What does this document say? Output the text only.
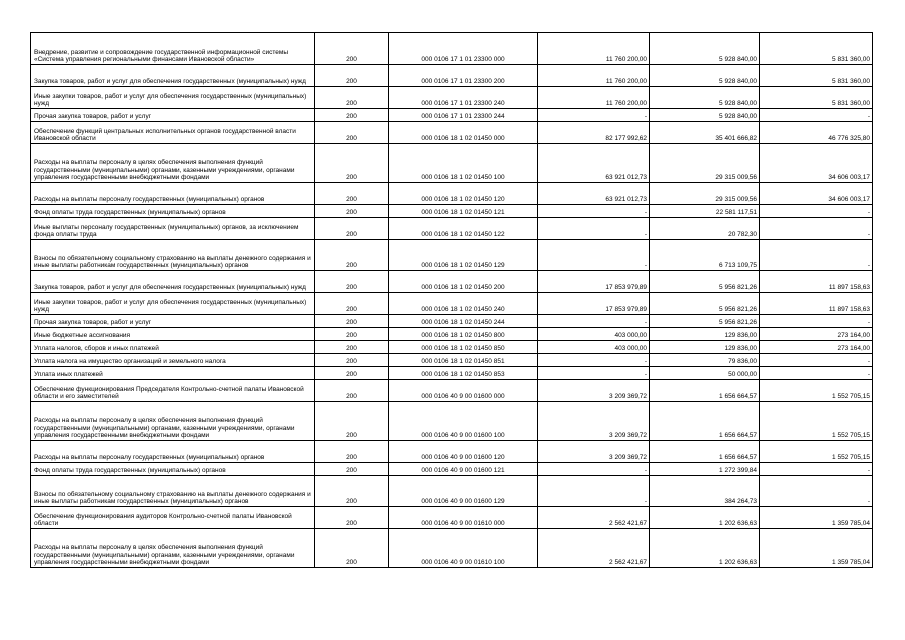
Внедрение, развитие и сопровождение государственной информационной системы «Система управления региональными финансами Ивановской области»	200	000 0106 17 1 01 23300 000	11 760 200,00	5 928 840,00	5 831 360,00
Закупка товаров, работ и услуг для обеспечения государственных (муниципальных) нужд	200	000 0106 17 1 01 23300 200	11 760 200,00	5 928 840,00	5 831 360,00
Иные закупки товаров, работ и услуг для обеспечения государственных (муниципальных) нужд	200	000 0106 17 1 01 23300 240	11 760 200,00	5 928 840,00	5 831 360,00
Прочая закупка товаров, работ и услуг	200	000 0106 17 1 01 23300 244	-	5 928 840,00	-
Обеспечение функций центральных исполнительных органов государственной власти Ивановской области	200	000 0106 18 1 02 01450 000	82 177 992,62	35 401 666,82	46 776 325,80
Расходы на выплаты персоналу в целях обеспечения выполнения функций государственными (муниципальными) органами, казенными учреждениями, органами управления государственными внебюджетными фондами	200	000 0106 18 1 02 01450 100	63 921 012,73	29 315 009,56	34 606 003,17
Расходы на выплаты персоналу государственных (муниципальных) органов	200	000 0106 18 1 02 01450 120	63 921 012,73	29 315 009,56	34 606 003,17
Фонд оплаты труда государственных (муниципальных) органов	200	000 0106 18 1 02 01450 121	-	22 581 117,51	-
Иные выплаты персоналу государственных (муниципальных) органов, за исключением фонда оплаты труда	200	000 0106 18 1 02 01450 122	-	20 782,30	-
Взносы по обязательному социальному страхованию на выплаты денежного содержания и иные выплаты работникам государственных (муниципальных) органов	200	000 0106 18 1 02 01450 129	-	6 713 109,75	-
Закупка товаров, работ и услуг для обеспечения государственных (муниципальных) нужд	200	000 0106 18 1 02 01450 200	17 853 979,89	5 956 821,26	11 897 158,63
Иные закупки товаров, работ и услуг для обеспечения государственных (муниципальных) нужд	200	000 0106 18 1 02 01450 240	17 853 979,89	5 956 821,26	11 897 158,63
Прочая закупка товаров, работ и услуг	200	000 0106 18 1 02 01450 244	-	5 956 821,26	-
Иные бюджетные ассигнования	200	000 0106 18 1 02 01450 800	403 000,00	129 836,00	273 164,00
Уплата налогов, сборов и иных платежей	200	000 0106 18 1 02 01450 850	403 000,00	129 836,00	273 164,00
Уплата налога на имущество организаций и земельного налога	200	000 0106 18 1 02 01450 851	-	79 836,00	-
Уплата иных платежей	200	000 0106 18 1 02 01450 853	-	50 000,00	-
Обеспечение функционирования Председателя Контрольно-счетной палаты Ивановской области и его заместителей	200	000 0106 40 9 00 01600 000	3 209 369,72	1 656 664,57	1 552 705,15
Расходы на выплаты персоналу в целях обеспечения выполнения функций государственными (муниципальными) органами, казенными учреждениями, органами управления государственными внебюджетными фондами	200	000 0106 40 9 00 01600 100	3 209 369,72	1 656 664,57	1 552 705,15
Расходы на выплаты персоналу государственных (муниципальных) органов	200	000 0106 40 9 00 01600 120	3 209 369,72	1 656 664,57	1 552 705,15
Фонд оплаты труда государственных (муниципальных) органов	200	000 0106 40 9 00 01600 121	-	1 272 399,84	-
Взносы по обязательному социальному страхованию на выплаты денежного содержания и иные выплаты работникам государственных (муниципальных) органов	200	000 0106 40 9 00 01600 129	-	384 264,73	-
Обеспечение функционирования аудиторов Контрольно-счетной палаты Ивановской области	200	000 0106 40 9 00 01610 000	2 562 421,67	1 202 636,63	1 359 785,04
Расходы на выплаты персоналу в целях обеспечения выполнения функций государственными (муниципальными) органами, казенными учреждениями, органами управления государственными внебюджетными фондами	200	000 0106 40 9 00 01610 100	2 562 421,67	1 202 636,63	1 359 785,04
